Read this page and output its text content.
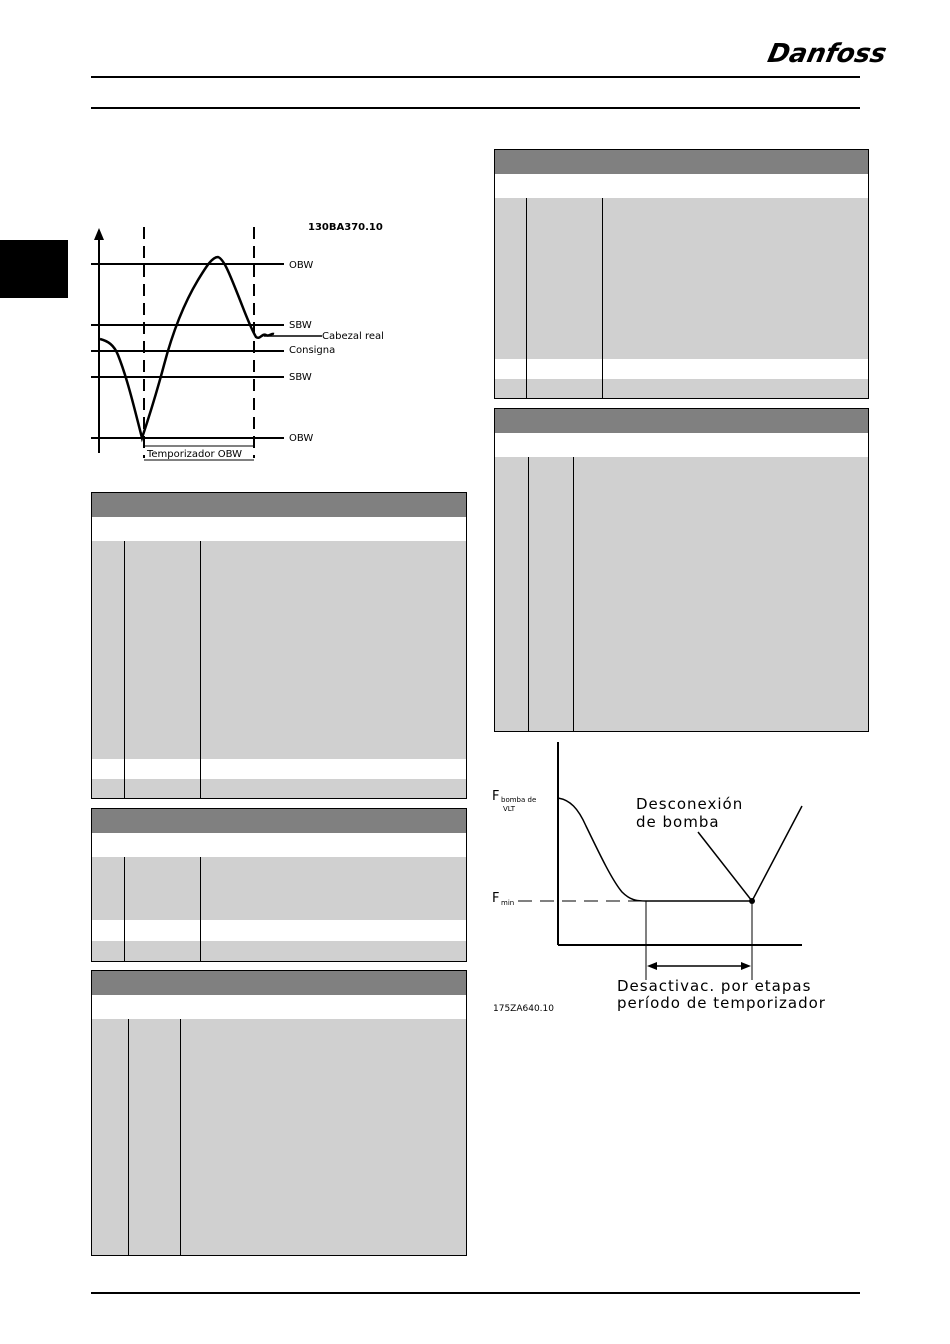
Danfoss
130BA370.10
OBW
SBW
Cabezal real
Consigna
SBW
OBW
Temporizador OBW
F bomba de
VLT
F min
Desconexión
de bomba
Desactivac. por etapas
período de temporizador
175ZA640.10
